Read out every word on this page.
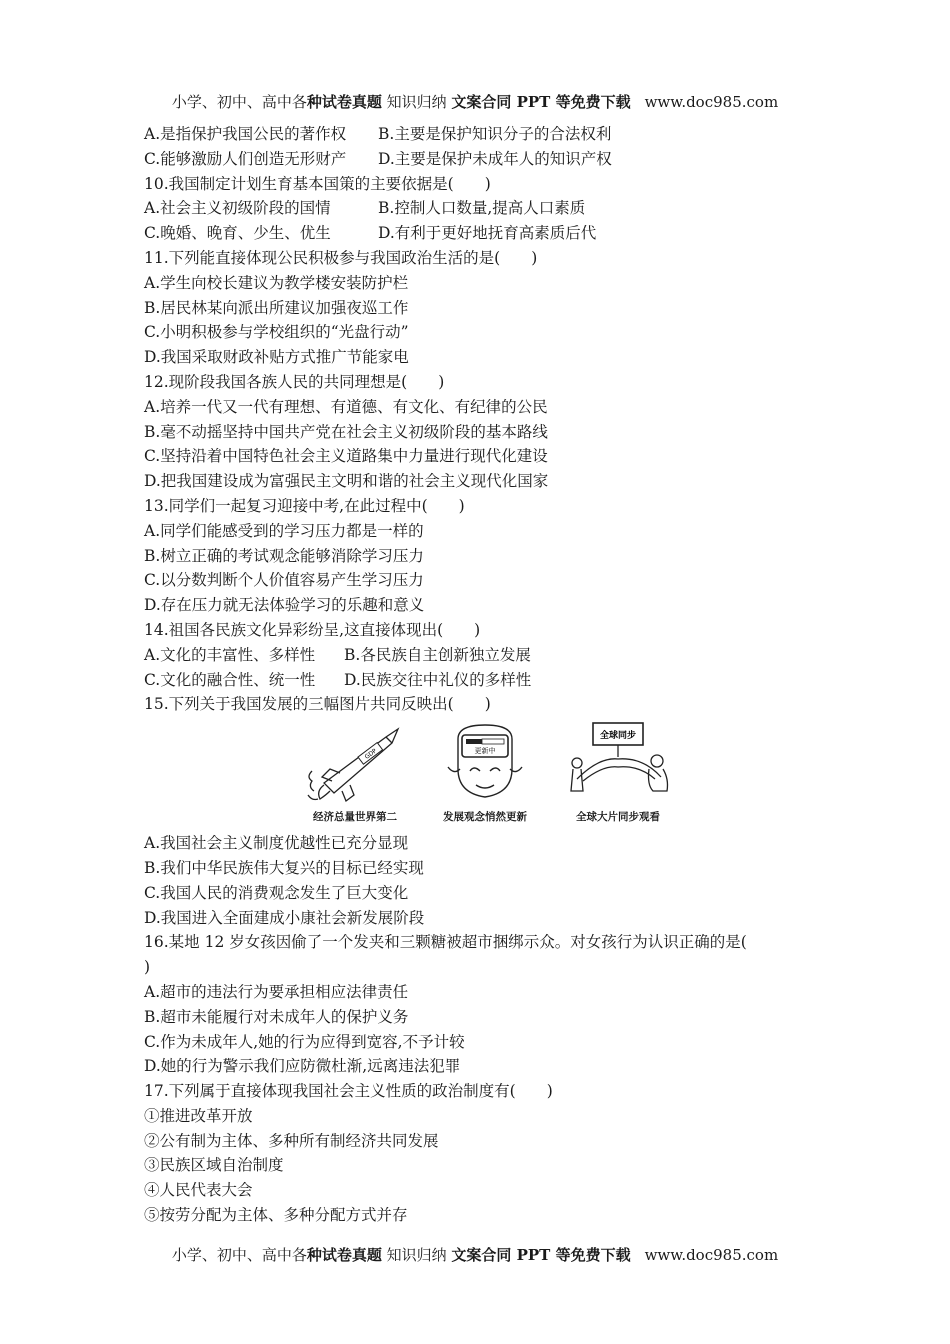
小学、初中、高中各种试卷真题 知识归纳 文案合同 PPT 等免费下载 www.doc985.com
A.是指保护我国公民的著作权 B.主要是保护知识分子的合法权利
C.能够激励人们创造无形财产 D.主要是保护未成年人的知识产权
10.我国制定计划生育基本国策的主要依据是(　　)
A.社会主义初级阶段的国情	B.控制人口数量,提高人口素质
C.晚婚、晚育、少生、优生	D.有利于更好地抚育高素质后代
11.下列能直接体现公民积极参与我国政治生活的是(　　)
A.学生向校长建议为教学楼安装防护栏
B.居民林某向派出所建议加强夜巡工作
C.小明积极参与学校组织的“光盘行动”
D.我国采取财政补贴方式推广节能家电
12.现阶段我国各族人民的共同理想是(　　)
A.培养一代又一代有理想、有道德、有文化、有纪律的公民
B.毫不动摇坚持中国共产党在社会主义初级阶段的基本路线
C.坚持沿着中国特色社会主义道路集中力量进行现代化建设
D.把我国建设成为富强民主文明和谐的社会主义现代化国家
13.同学们一起复习迎接中考,在此过程中(　　)
A.同学们能感受到的学习压力都是一样的
B.树立正确的考试观念能够消除学习压力
C.以分数判断个人价值容易产生学习压力
D.存在压力就无法体验学习的乐趣和意义
14.祖国各民族文化异彩纷呈,这直接体现出(　　)
A.文化的丰富性、多样性 B.各民族自主创新独立发展
C.文化的融合性、统一性 D.民族交往中礼仪的多样性
15.下列关于我国发展的三幅图片共同反映出(　　)
GDP
经济总量世界第二
更新中
发展观念悄然更新
全球同步
全球大片同步观看
A.我国社会主义制度优越性已充分显现
B.我们中华民族伟大复兴的目标已经实现
C.我国人民的消费观念发生了巨大变化
D.我国进入全面建成小康社会新发展阶段
16.某地 12 岁女孩因偷了一个发夹和三颗糖被超市捆绑示众。对女孩行为认识正确的是(
)
A.超市的违法行为要承担相应法律责任
B.超市未能履行对未成年人的保护义务
C.作为未成年人,她的行为应得到宽容,不予计较
D.她的行为警示我们应防微杜渐,远离违法犯罪
17.下列属于直接体现我国社会主义性质的政治制度有(　　)
①推进改革开放
②公有制为主体、多种所有制经济共同发展
③民族区域自治制度
④人民代表大会
⑤按劳分配为主体、多种分配方式并存
小学、初中、高中各种试卷真题 知识归纳 文案合同 PPT 等免费下载 www.doc985.com
